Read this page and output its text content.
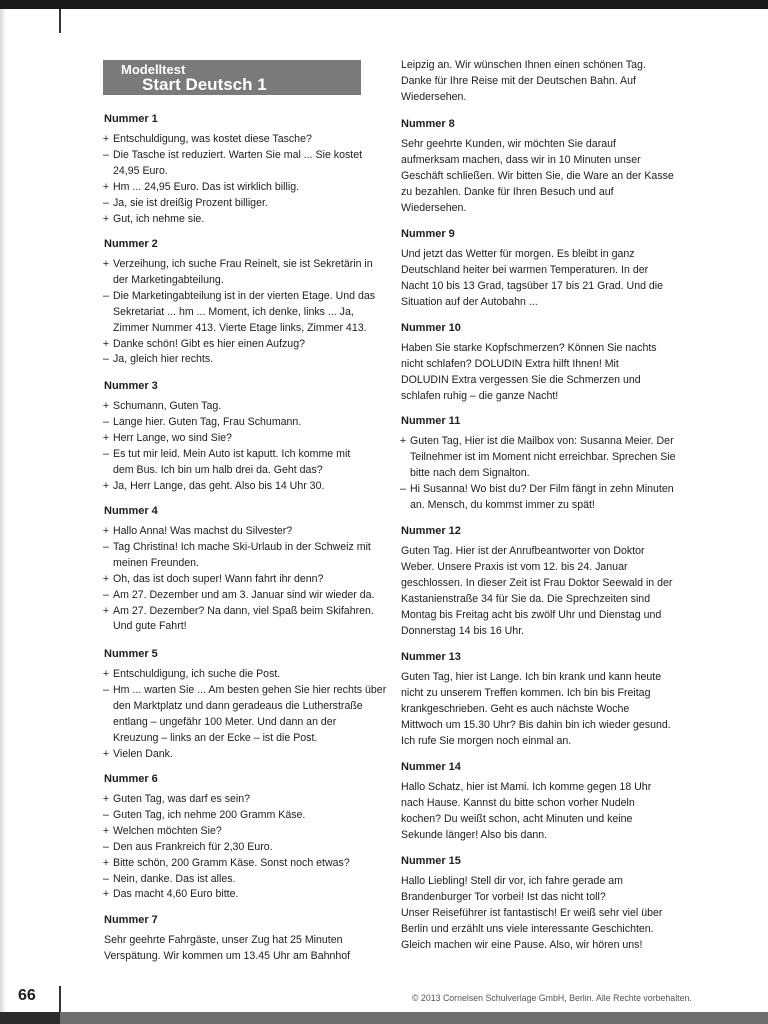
Modelltest
Start Deutsch 1
Nummer 1
+ Entschuldigung, was kostet diese Tasche?
– Die Tasche ist reduziert. Warten Sie mal ... Sie kostet
24,95 Euro.
+ Hm ... 24,95 Euro. Das ist wirklich billig.
– Ja, sie ist dreißig Prozent billiger.
+ Gut, ich nehme sie.
Nummer 2
+ Verzeihung, ich suche Frau Reinelt, sie ist Sekretärin in
der Marketingabteilung.
– Die Marketingabteilung ist in der vierten Etage. Und das
Sekretariat ... hm ... Moment, ich denke, links ... Ja,
Zimmer Nummer 413. Vierte Etage links, Zimmer 413.
+ Danke schön! Gibt es hier einen Aufzug?
– Ja, gleich hier rechts.
Nummer 3
+ Schumann, Guten Tag.
– Lange hier. Guten Tag, Frau Schumann.
+ Herr Lange, wo sind Sie?
– Es tut mir leid. Mein Auto ist kaputt. Ich komme mit
dem Bus. Ich bin um halb drei da. Geht das?
+ Ja, Herr Lange, das geht. Also bis 14 Uhr 30.
Nummer 4
+ Hallo Anna! Was machst du Silvester?
– Tag Christina! Ich mache Ski-Urlaub in der Schweiz mit
meinen Freunden.
+ Oh, das ist doch super! Wann fahrt ihr denn?
– Am 27. Dezember und am 3. Januar sind wir wieder da.
+ Am 27. Dezember? Na dann, viel Spaß beim Skifahren.
Und gute Fahrt!
Nummer 5
+ Entschuldigung, ich suche die Post.
– Hm ... warten Sie ... Am besten gehen Sie hier rechts über
den Marktplatz und dann geradeaus die Lutherstraße
entlang – ungefähr 100 Meter. Und dann an der
Kreuzung – links an der Ecke – ist die Post.
+ Vielen Dank.
Nummer 6
+ Guten Tag, was darf es sein?
– Guten Tag, ich nehme 200 Gramm Käse.
+ Welchen möchten Sie?
– Den aus Frankreich für 2,30 Euro.
+ Bitte schön, 200 Gramm Käse. Sonst noch etwas?
– Nein, danke. Das ist alles.
+ Das macht 4,60 Euro bitte.
Nummer 7
Sehr geehrte Fahrgäste, unser Zug hat 25 Minuten
Verspätung. Wir kommen um 13.45 Uhr am Bahnhof
Leipzig an. Wir wünschen Ihnen einen schönen Tag.
Danke für Ihre Reise mit der Deutschen Bahn. Auf
Wiedersehen.
Nummer 8
Sehr geehrte Kunden, wir möchten Sie darauf
aufmerksam machen, dass wir in 10 Minuten unser
Geschäft schließen. Wir bitten Sie, die Ware an der Kasse
zu bezahlen. Danke für Ihren Besuch und auf
Wiedersehen.
Nummer 9
Und jetzt das Wetter für morgen. Es bleibt in ganz
Deutschland heiter bei warmen Temperaturen. In der
Nacht 10 bis 13 Grad, tagsüber 17 bis 21 Grad. Und die
Situation auf der Autobahn ...
Nummer 10
Haben Sie starke Kopfschmerzen? Können Sie nachts
nicht schlafen? DOLUDIN Extra hilft Ihnen! Mit
DOLUDIN Extra vergessen Sie die Schmerzen und
schlafen ruhig – die ganze Nacht!
Nummer 11
+ Guten Tag, Hier ist die Mailbox von: Susanna Meier. Der
Teilnehmer ist im Moment nicht erreichbar. Sprechen Sie
bitte nach dem Signalton.
– Hi Susanna! Wo bist du? Der Film fängt in zehn Minuten
an. Mensch, du kommst immer zu spät!
Nummer 12
Guten Tag. Hier ist der Anrufbeantworter von Doktor
Weber. Unsere Praxis ist vom 12. bis 24. Januar
geschlossen. In dieser Zeit ist Frau Doktor Seewald in der
Kastanienstraße 34 für Sie da. Die Sprechzeiten sind
Montag bis Freitag acht bis zwölf Uhr und Dienstag und
Donnerstag 14 bis 16 Uhr.
Nummer 13
Guten Tag, hier ist Lange. Ich bin krank und kann heute
nicht zu unserem Treffen kommen. Ich bin bis Freitag
krankgeschrieben. Geht es auch nächste Woche
Mittwoch um 15.30 Uhr? Bis dahin bin ich wieder gesund.
Ich rufe Sie morgen noch einmal an.
Nummer 14
Hallo Schatz, hier ist Mami. Ich komme gegen 18 Uhr
nach Hause. Kannst du bitte schon vorher Nudeln
kochen? Du weißt schon, acht Minuten und keine
Sekunde länger! Also bis dann.
Nummer 15
Hallo Liebling! Stell dir vor, ich fahre gerade am
Brandenburger Tor vorbei! Ist das nicht toll?
Unser Reiseführer ist fantastisch! Er weiß sehr viel über
Berlin und erzählt uns viele interessante Geschichten.
Gleich machen wir eine Pause. Also, wir hören uns!
66	© 2013 Cornelsen Schulverlage GmbH, Berlin. Alle Rechte vorbehalten.
